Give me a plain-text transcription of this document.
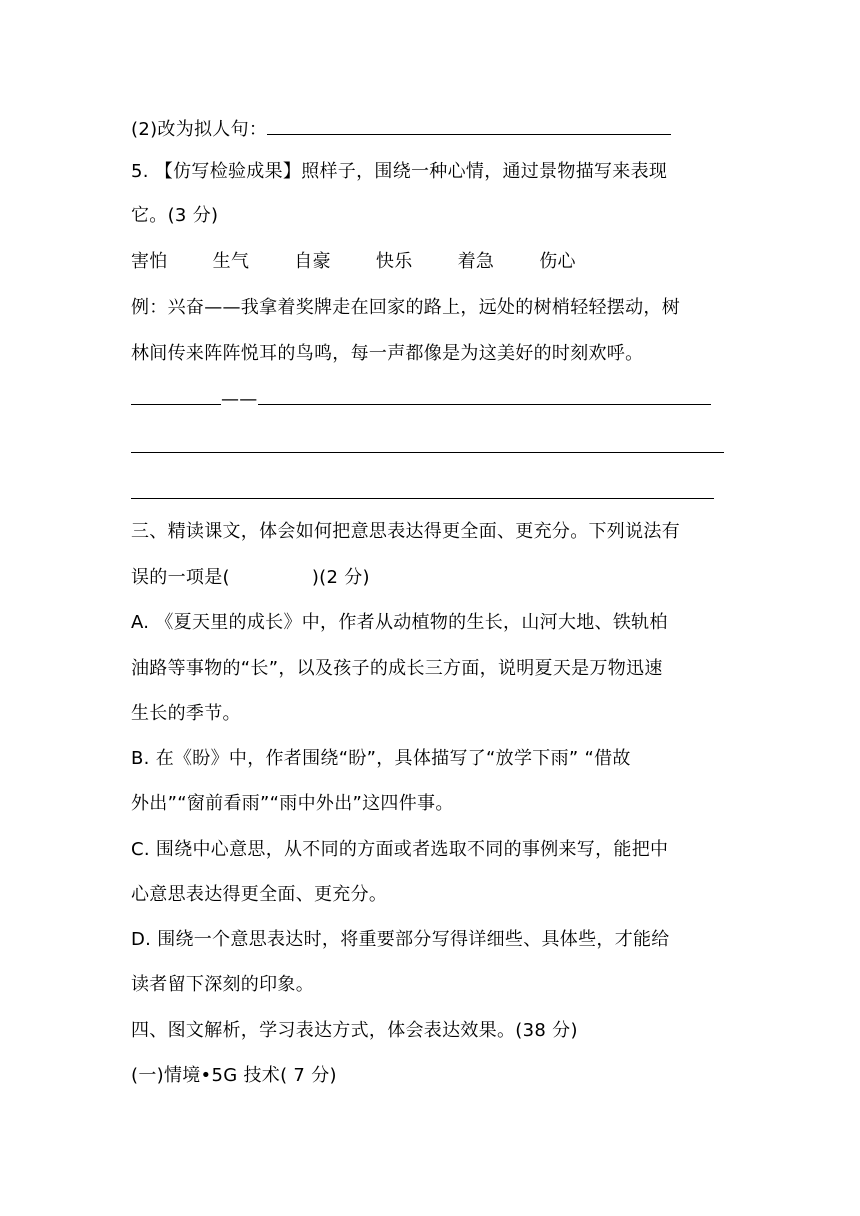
(2)改为拟人句：
5. 【仿写检验成果】照样子，围绕一种心情，通过景物描写来表现
它。(3 分)
害怕	生气	自豪	快乐	着急	伤心
例：兴奋——我拿着奖牌走在回家的路上，远处的树梢轻轻摆动，树
林间传来阵阵悦耳的鸟鸣，每一声都像是为这美好的时刻欢呼。
——
三、精读课文，体会如何把意思表达得更全面、更充分。下列说法有
误的一项是(	)(2 分)
A. 《夏天里的成长》中，作者从动植物的生长，山河大地、铁轨柏
油路等事物的“长”，以及孩子的成长三方面，说明夏天是万物迅速
生长的季节。
B. 在《盼》中，作者围绕“盼”，具体描写了“放学下雨” “借故
外出”“窗前看雨”“雨中外出”这四件事。
C. 围绕中心意思，从不同的方面或者选取不同的事例来写，能把中
心意思表达得更全面、更充分。
D. 围绕一个意思表达时，将重要部分写得详细些、具体些，才能给
读者留下深刻的印象。
四、图文解析，学习表达方式，体会表达效果。(38 分)
(一)情境•5G 技术( 7 分)
